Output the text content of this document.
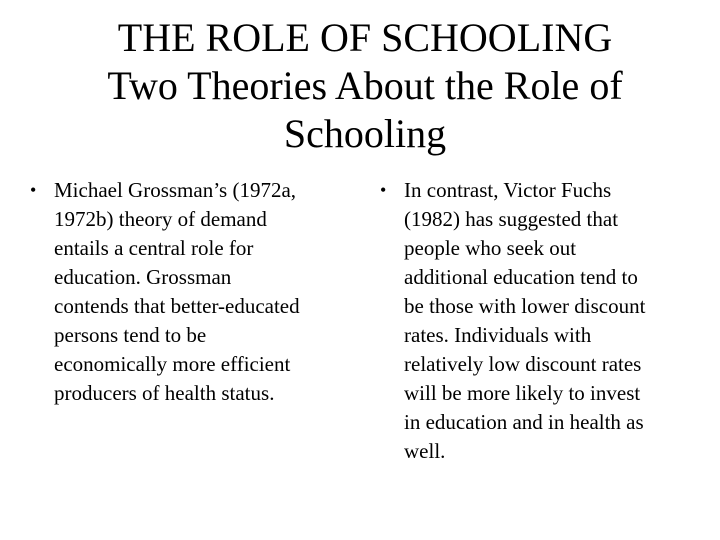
THE ROLE OF SCHOOLING
Two Theories About the Role of
Schooling
• Michael Grossman’s (1972a,
1972b) theory of demand
entails a central role for
education. Grossman
contends that better-educated
persons tend to be
economically more efficient
producers of health status.
• In contrast, Victor Fuchs
(1982) has suggested that
people who seek out
additional education tend to
be those with lower discount
rates. Individuals with
relatively low discount rates
will be more likely to invest
in education and in health as
well.
